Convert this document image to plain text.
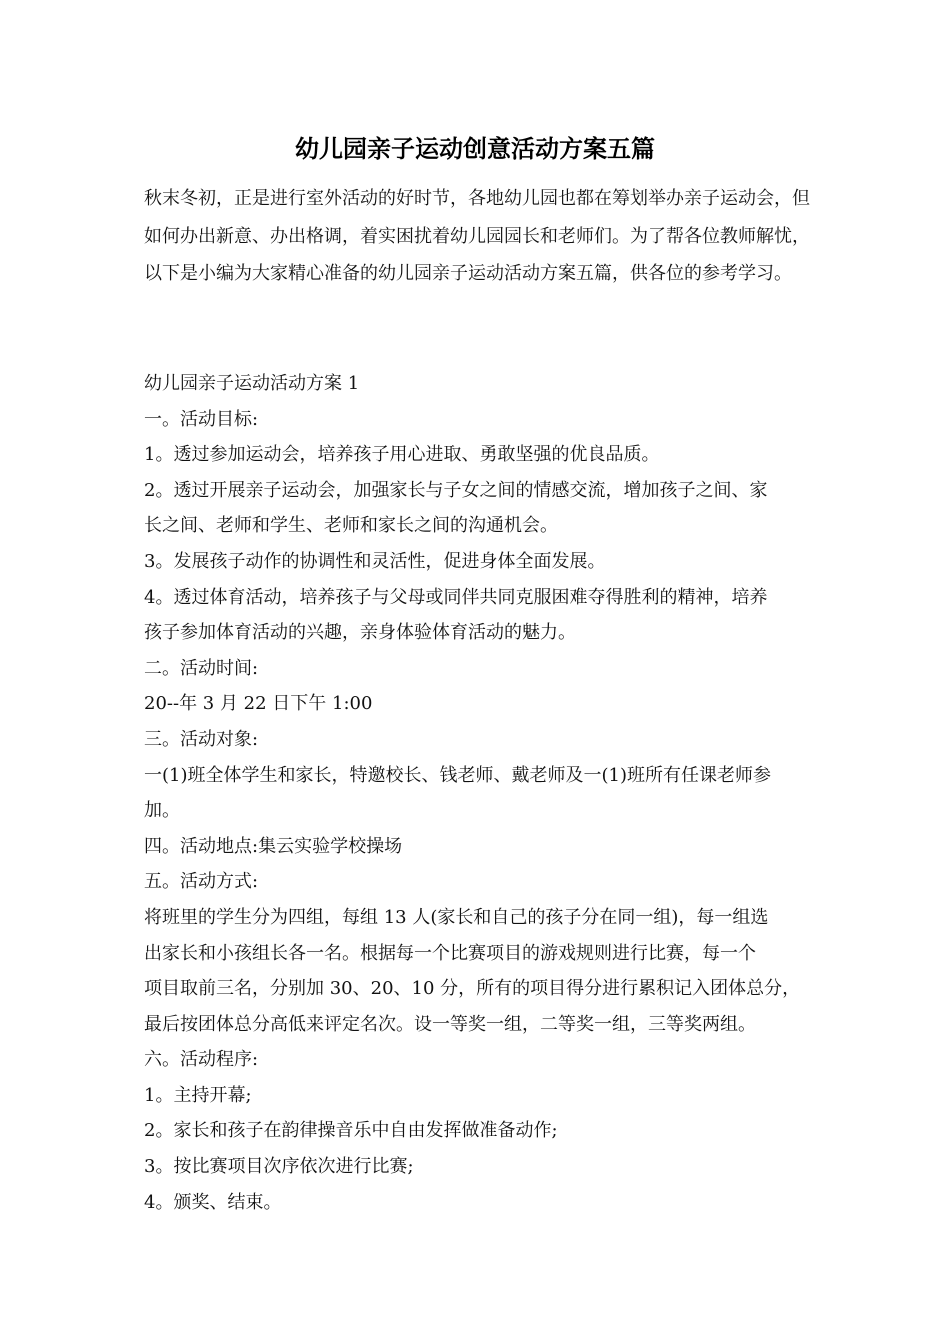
幼儿园亲子运动创意活动方案五篇

秋末冬初，正是进行室外活动的好时节，各地幼儿园也都在筹划举办亲子运动会，但如何办出新意、办出格调，着实困扰着幼儿园园长和老师们。为了帮各位教师解忧，以下是小编为大家精心准备的幼儿园亲子运动活动方案五篇，供各位的参考学习。

幼儿园亲子运动活动方案 1
一。活动目标:
1。透过参加运动会，培养孩子用心进取、勇敢坚强的优良品质。
2。透过开展亲子运动会，加强家长与子女之间的情感交流，增加孩子之间、家
长之间、老师和学生、老师和家长之间的沟通机会。
3。发展孩子动作的协调性和灵活性，促进身体全面发展。
4。透过体育活动，培养孩子与父母或同伴共同克服困难夺得胜利的精神，培养
孩子参加体育活动的兴趣，亲身体验体育活动的魅力。
二。活动时间:
20--年 3 月 22 日下午 1:00
三。活动对象:
一(1)班全体学生和家长，特邀校长、钱老师、戴老师及一(1)班所有任课老师参
加。
四。活动地点:集云实验学校操场
五。活动方式:
将班里的学生分为四组，每组 13 人(家长和自己的孩子分在同一组)，每一组选
出家长和小孩组长各一名。根据每一个比赛项目的游戏规则进行比赛，每一个
项目取前三名，分别加 30、20、10 分，所有的项目得分进行累积记入团体总分，
最后按团体总分高低来评定名次。设一等奖一组，二等奖一组，三等奖两组。
六。活动程序:
1。主持开幕;
2。家长和孩子在韵律操音乐中自由发挥做准备动作;
3。按比赛项目次序依次进行比赛;
4。颁奖、结束。
